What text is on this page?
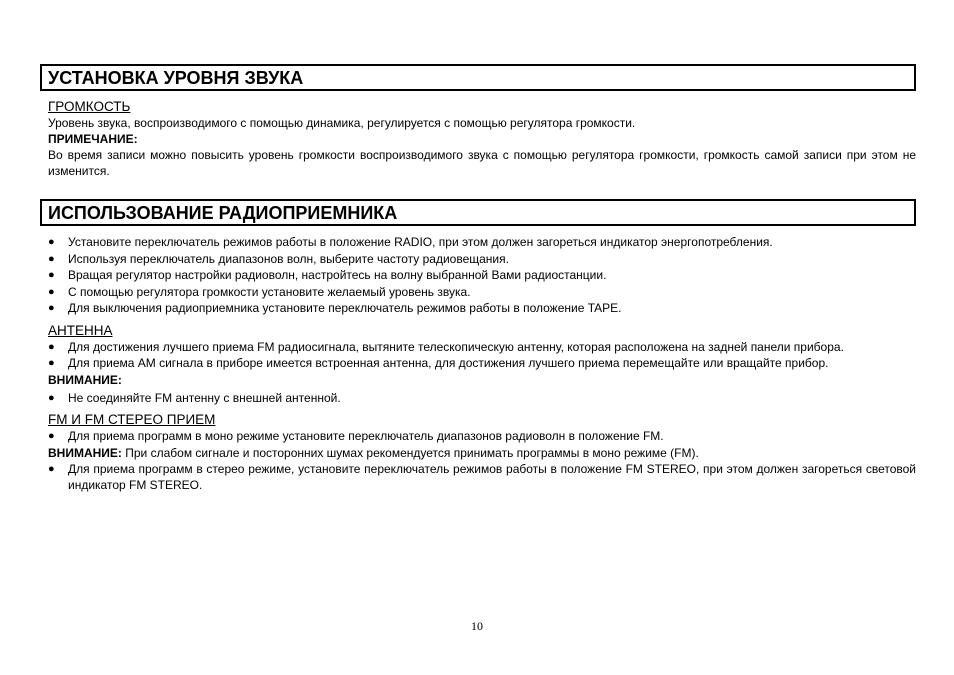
УСТАНОВКА УРОВНЯ ЗВУКА
ГРОМКОСТЬ
Уровень звука, воспроизводимого с помощью динамика, регулируется с помощью регулятора громкости.
ПРИМЕЧАНИЕ:
Во время записи можно повысить уровень громкости воспроизводимого звука с помощью регулятора громкости, громкость самой записи при этом не изменится.
ИСПОЛЬЗОВАНИЕ РАДИОПРИЕМНИКА
● Установите переключатель режимов работы в положение RADIO, при этом должен загореться индикатор энергопотребления.
● Используя переключатель диапазонов волн, выберите частоту радиовещания.
● Вращая регулятор настройки радиоволн, настройтесь на волну выбранной Вами радиостанции.
● С помощью регулятора громкости установите желаемый уровень звука.
● Для выключения радиоприемника установите переключатель режимов работы в положение TAPE.
АНТЕННА
● Для достижения лучшего приема FM радиосигнала, вытяните телескопическую антенну, которая расположена на задней панели прибора.
● Для приема AM сигнала в приборе имеется встроенная антенна, для достижения лучшего приема перемещайте или вращайте прибор.
ВНИМАНИЕ:
● Не соединяйте FM антенну с внешней антенной.
FM И FM СТЕРЕО ПРИЕМ
● Для приема программ в моно режиме установите переключатель диапазонов радиоволн в положение FM.
ВНИМАНИЕ: При слабом сигнале и посторонних шумах рекомендуется принимать программы в моно режиме (FM).
● Для приема программ в стерео режиме, установите переключатель режимов работы в положение FM STEREO, при этом должен загореться световой индикатор FM STEREO.
10
